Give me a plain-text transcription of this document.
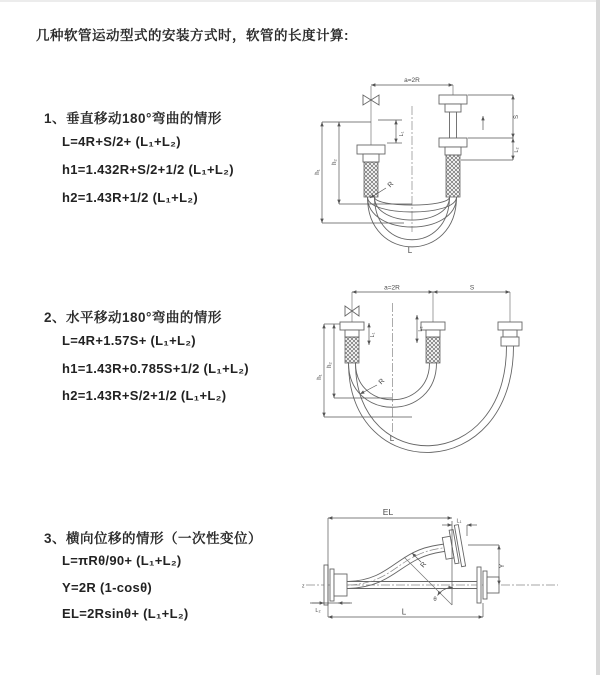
几种软管运动型式的安装方式时，软管的长度计算:
1、垂直移动180°弯曲的情形
L=4R+S/2+ (L₁+L₂)
h1=1.432R+S/2+1/2 (L₁+L₂)
h2=1.43R+1/2 (L₁+L₂)
2、水平移动180°弯曲的情形
L=4R+1.57S+ (L₁+L₂)
h1=1.43R+0.785S+1/2 (L₁+L₂)
h2=1.43R+S/2+1/2 (L₁+L₂)
3、横向位移的情形（一次性变位）
L=πRθ/90+ (L₁+L₂)
Y=2R (1-cosθ)
EL=2Rsinθ+ (L₁+L₂)
a=2R
h₁
h₂
L₁
S
L₂
R
L
a=2R	S
L₁
L₂
h₁
h₂
R
L
z
EL
L₁
Y
θ
R
L₂	L
